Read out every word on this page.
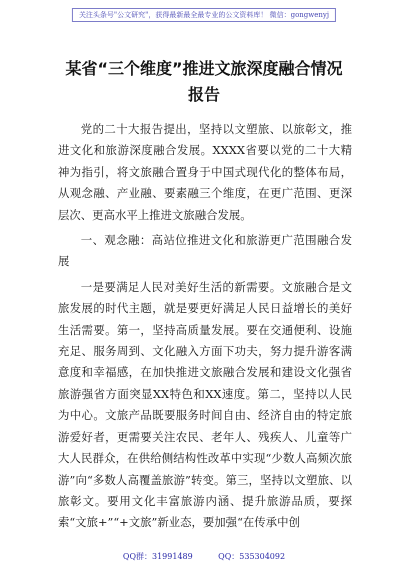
关注头条号"公文研究"，获得最新最全最专业的公文资料库！ 微信：gongwenyj
某省“三个维度”推进文旅深度融合情况
报告

党的二十大报告提出，坚持以文塑旅、以旅彰文，推进文化和旅游深度融合发展。XXXX省要以党的二十大精神为指引，将文旅融合置身于中国式现代化的整体布局，从观念融、产业融、要素融三个维度，在更广范围、更深层次、更高水平上推进文旅融合发展。

一、观念融：高站位推进文化和旅游更广范围融合发展

一是要满足人民对美好生活的新需要。文旅融合是文旅发展的时代主题，就是要更好满足人民日益增长的美好生活需要。第一，坚持高质量发展。要在交通便利、设施充足、服务周到、文化融入方面下功夫，努力提升游客满意度和幸福感，在加快推进文旅融合发展和建设文化强省旅游强省方面突显XX特色和XX速度。第二，坚持以人民为中心。文旅产品既要服务时间自由、经济自由的特定旅游爱好者，更需要关注农民、老年人、残疾人、儿童等广大人民群众，在供给侧结构性改革中实现“少数人高频次旅游”向“多数人高覆盖旅游”转变。第三，坚持以文塑旅、以旅彰文。要用文化丰富旅游内涵、提升旅游品质，要探索“文旅+”“+文旅”新业态，要加强“在传承中创

QQ群：31991489          QQ：535304092
